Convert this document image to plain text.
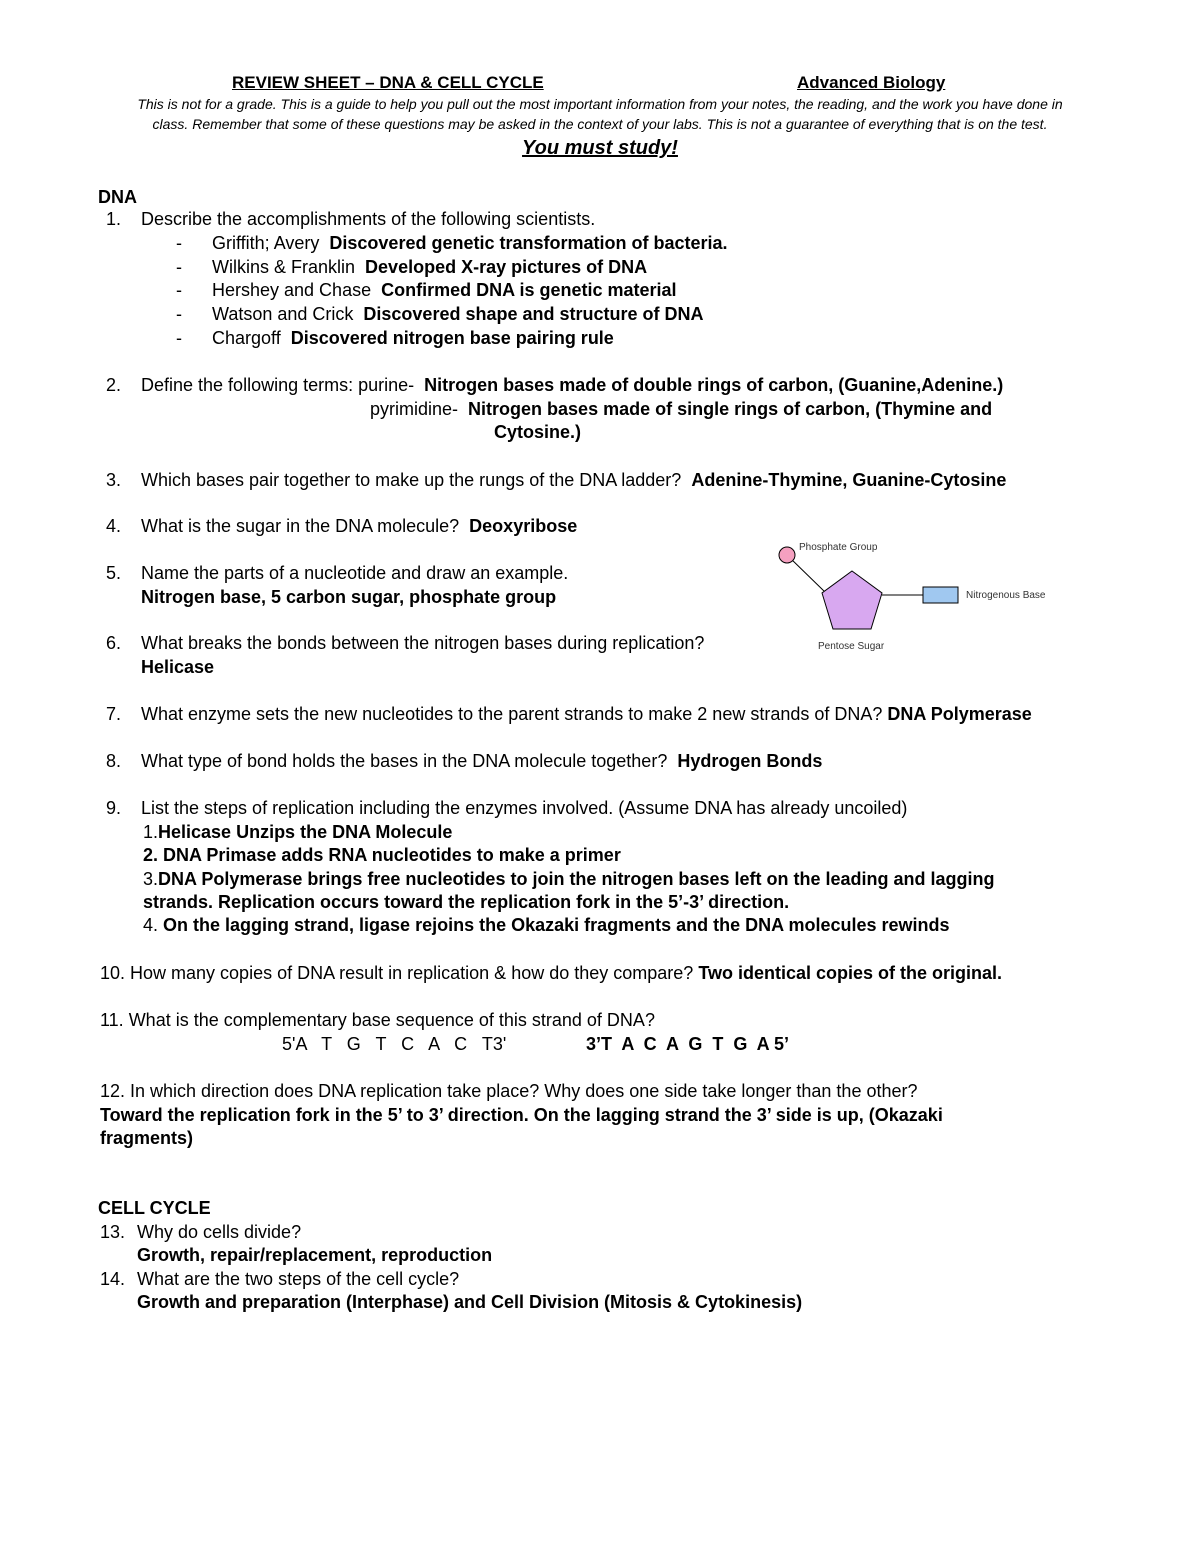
REVIEW SHEET – DNA & CELL CYCLE	Advanced Biology
This is not for a grade. This is a guide to help you pull out the most important information from your notes, the reading, and the work you have done in
class. Remember that some of these questions may be asked in the context of your labs. This is not a guarantee of everything that is on the test.
You must study!
DNA
1. Describe the accomplishments of the following scientists.
- Griffith; Avery Discovered genetic transformation of bacteria.
- Wilkins & Franklin Developed X-ray pictures of DNA
- Hershey and Chase Confirmed DNA is genetic material
- Watson and Crick Discovered shape and structure of DNA
- Chargoff Discovered nitrogen base pairing rule
2. Define the following terms: purine- Nitrogen bases made of double rings of carbon, (Guanine,Adenine.)
pyrimidine- Nitrogen bases made of single rings of carbon, (Thymine and
Cytosine.)
3. Which bases pair together to make up the rungs of the DNA ladder? Adenine-Thymine, Guanine-Cytosine
4. What is the sugar in the DNA molecule? Deoxyribose
5. Name the parts of a nucleotide and draw an example.
Nitrogen base, 5 carbon sugar, phosphate group
Phosphate Group
Nitrogenous Base
Pentose Sugar
6. What breaks the bonds between the nitrogen bases during replication?
Helicase
7. What enzyme sets the new nucleotides to the parent strands to make 2 new strands of DNA? DNA Polymerase
8. What type of bond holds the bases in the DNA molecule together? Hydrogen Bonds
9. List the steps of replication including the enzymes involved. (Assume DNA has already uncoiled)
1.Helicase Unzips the DNA Molecule
2. DNA Primase adds RNA nucleotides to make a primer
3.DNA Polymerase brings free nucleotides to join the nitrogen bases left on the leading and lagging
strands. Replication occurs toward the replication fork in the 5’-3’ direction.
4. On the lagging strand, ligase rejoins the Okazaki fragments and the DNA molecules rewinds
10. How many copies of DNA result in replication & how do they compare? Two identical copies of the original.
11. What is the complementary base sequence of this strand of DNA?
5'A   T   G   T   C   A   C   T3'	3’T  A  C  A  G  T  G  A 5’
12. In which direction does DNA replication take place? Why does one side take longer than the other?
Toward the replication fork in the 5’ to 3’ direction. On the lagging strand the 3’ side is up, (Okazaki
fragments)
CELL CYCLE
13. Why do cells divide?
Growth, repair/replacement, reproduction
14. What are the two steps of the cell cycle?
Growth and preparation (Interphase) and Cell Division (Mitosis & Cytokinesis)
